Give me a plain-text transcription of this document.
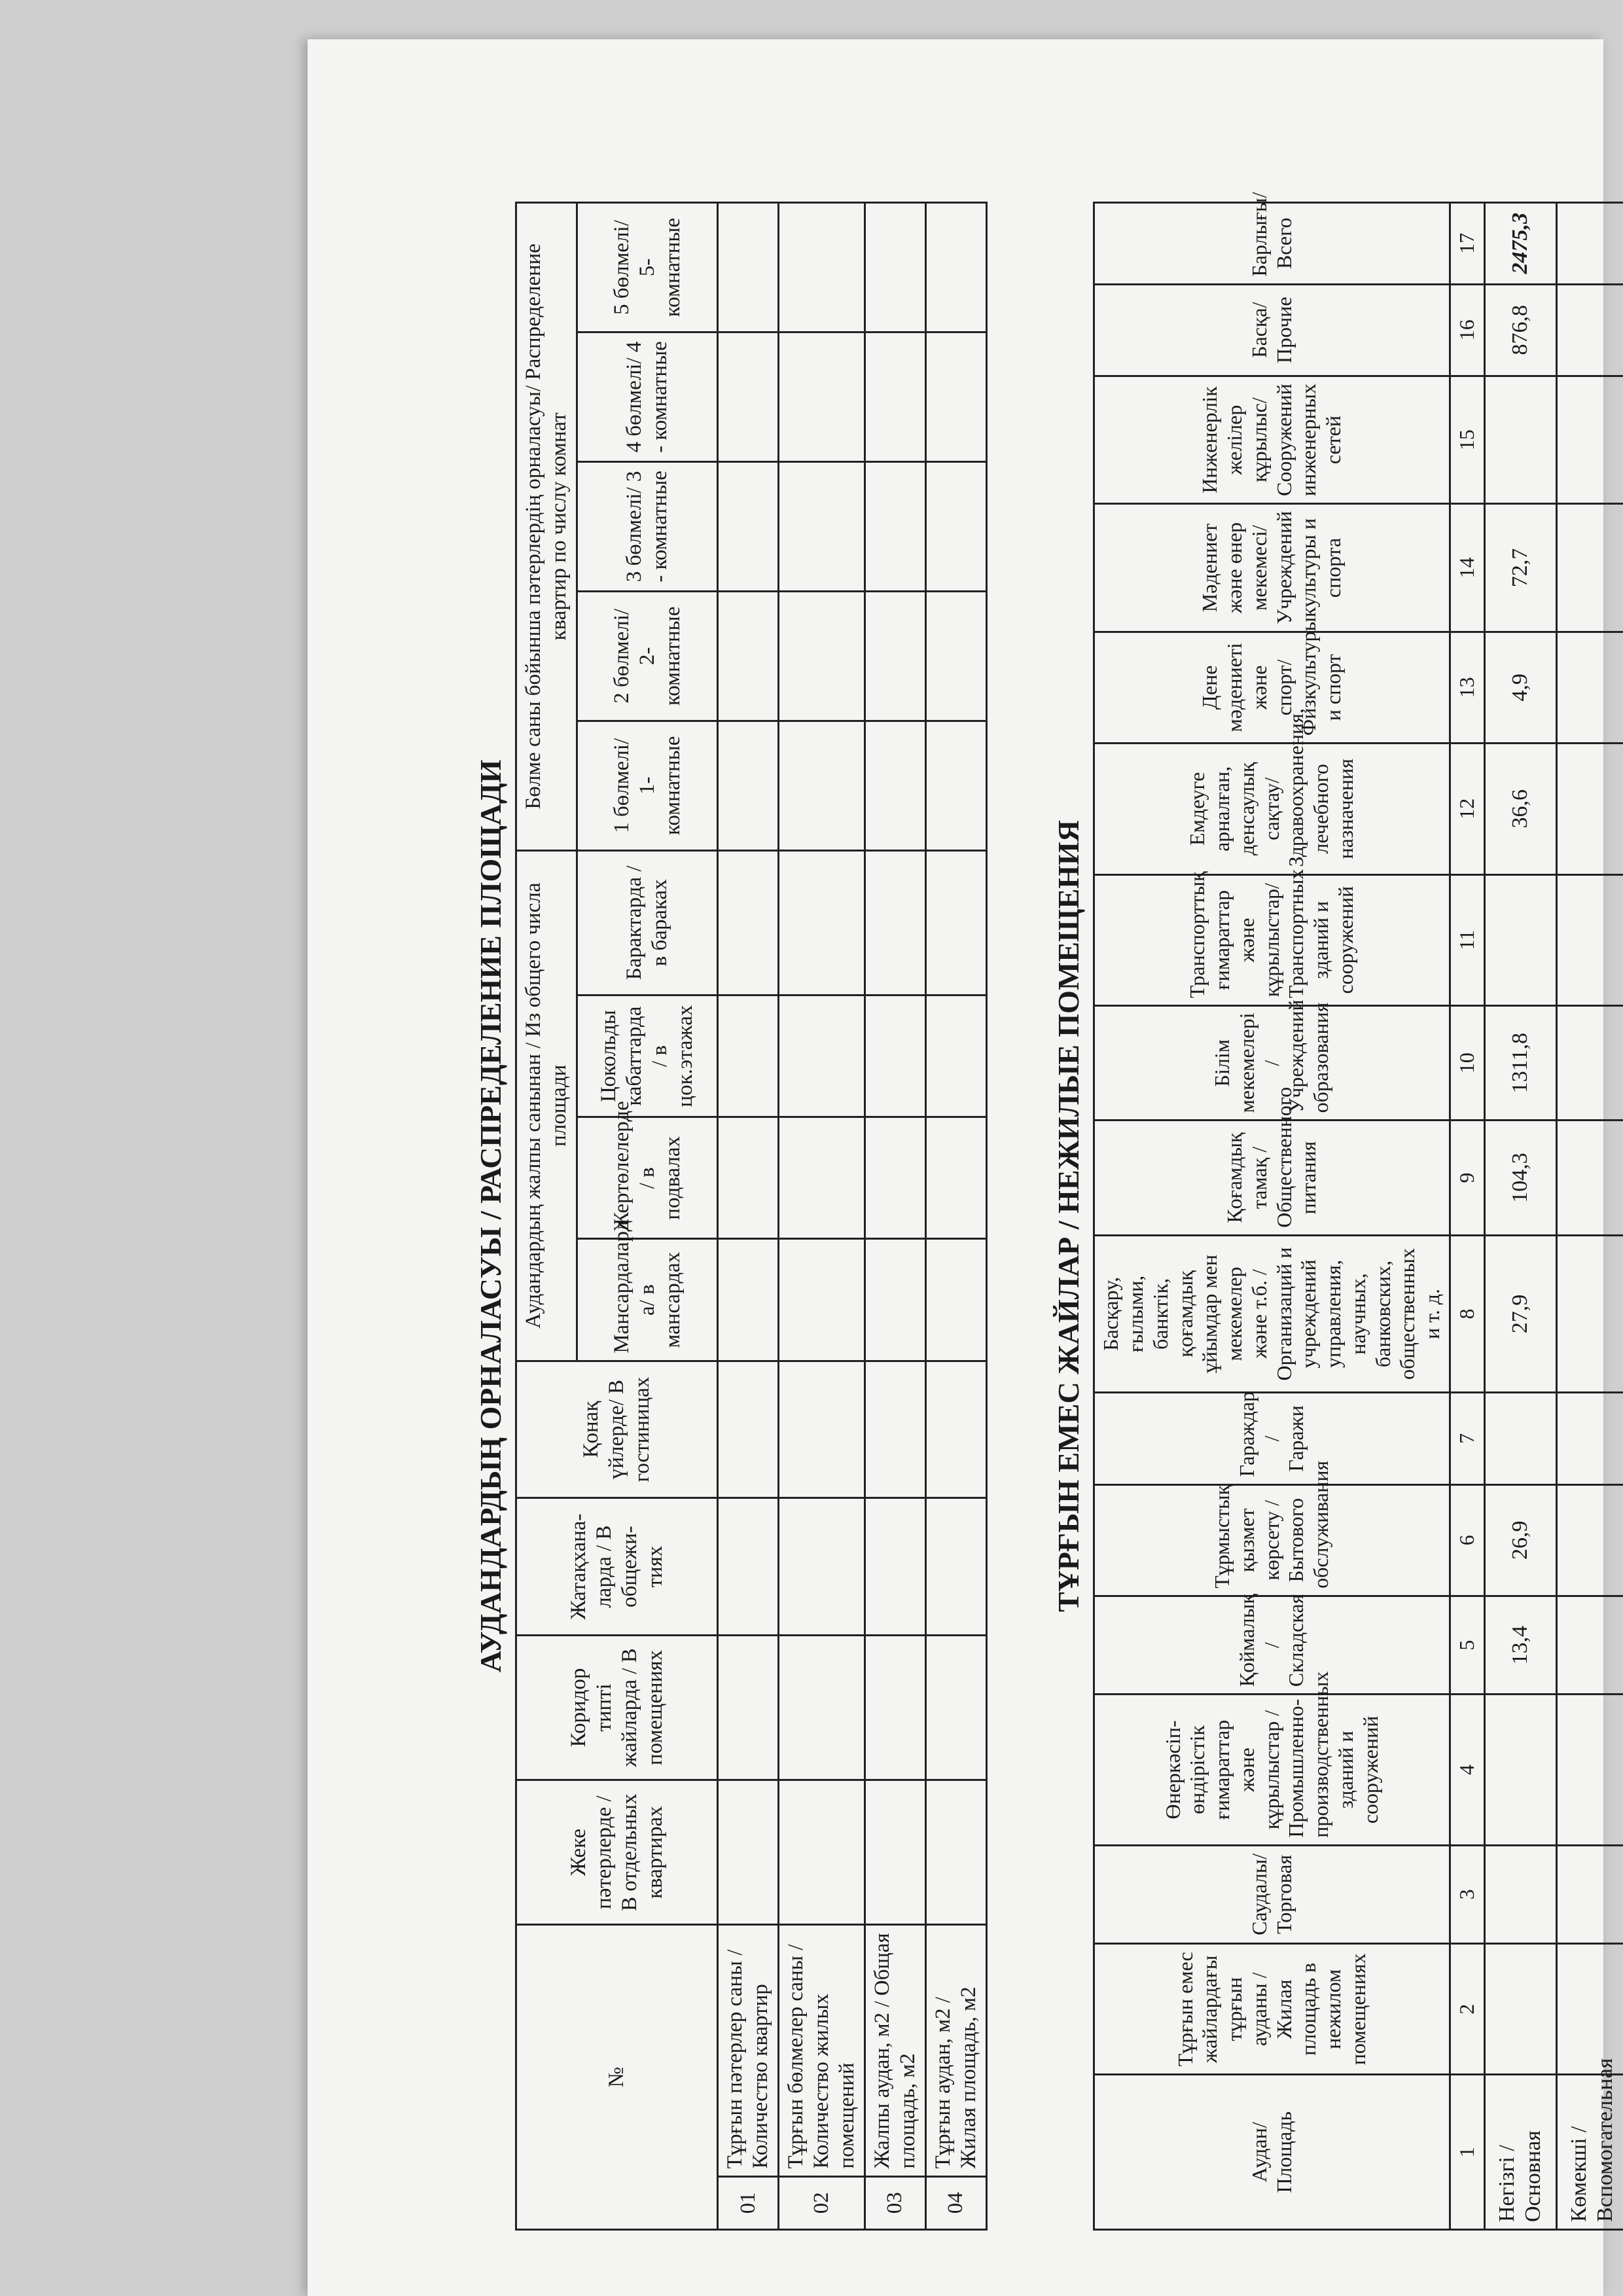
АУДАНДАРДЫҢ ОРНАЛАСУЫ / РАСПРЕДЕЛЕНИЕ ПЛОЩАДИ														
№		Жеке пәтерлерде / В отдельных квартирах	Коридор типті жайларда / В помещениях	Жатақхана-ларда / В общежи-тиях	Қонақ үйлерде/ В гостиницах	Аудандардың жалпы санынан / Из общего числа площади				Бөлме саны бойынша пәтерлердің орналасуы/ Распределение квартир по числу комнат				
						Мансардалард а/ в мансардах	Жертөлелерде / в подвалах	Цокольды кабаттарда / в цок.этажах	Барактарда / в бараках	1 бөлмелі/ 1-комнатные	2 бөлмелі/ 2-комнатные	3 бөлмелі/ 3 - комнатные	4 бөлмелі/ 4 - комнатные	5 бөлмелі/ 5-комнатные
01	Тұрғын пәтерлер саны / Количество квартир													
02	Тұрғын бөлмелер саны / Количество жилых помещений													
03	Жалпы аудан, м2 / Общая площадь, м2													
04	Тұрғын аудан, м2 / Жилая площадь, м2													
ТҰРҒЫН ЕМЕС ЖАЙЛАР / НЕЖИЛЫЕ ПОМЕЩЕНИЯ																
Аудан/ Площадь	Тұрғын емес жайлардағы тұрғын ауданы / Жилая площадь в нежилом помещениях	Саудалы/ Торговая	Өнеркәсіп-өндірістік ғимараттар және құрылыстар / Промышленно-производственных зданий и сооружений	Қоймалық / Складская	Тұрмыстық қызмет көрсету / Бытового обслуживания	Гараждар / Гаражи	Басқару, ғылыми, банктік, қоғамдық ұйымдар мен мекемелер және т.б. / Организаций и учреждений управления, научных, банковских, общественных и т. д.	Қоғамдық тамақ / Общественного питания	Білім мекемелері / Учреждений образования	Транспорттық ғимараттар және құрылыстар/ Транспортных зданий и сооружений	Емдеуге арналған, денсаулық сақтау/ Здравоохранения, лечебного назначения	Дене мәдениеті және спорт/ Физкультуры и спорт	Мәдениет және өнер мекемесі/ Учреждений культуры и спорта	Инженерлік желілер құрылыс/ Сооружений инженерных сетей	Басқа/ Прочие	Барлығы/ Всего
1	2	3	4	5	6	7	8	9	10	11	12	13	14	15	16	17
Негізгі / Основная				13,4	26,9		27,9	104,3	1311,8		36,6	4,9	72,7		876,8	2475,3
Көмекші / Вспомогательная																
